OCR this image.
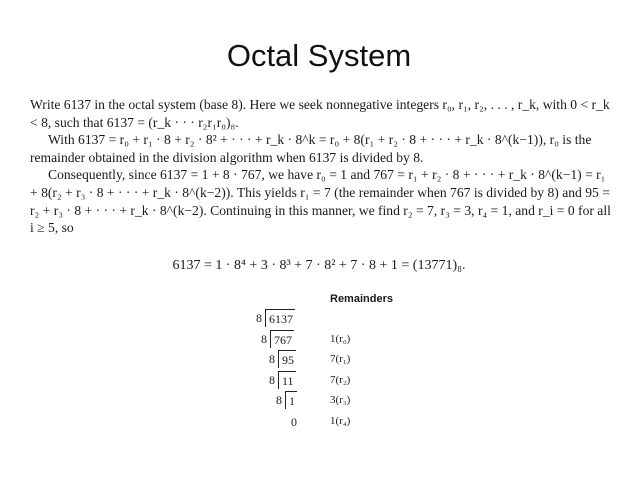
Octal System

Write 6137 in the octal system (base 8). Here we seek nonnegative integers r₀, r₁, r₂, . . . , r_k, with 0 < r_k < 8, such that 6137 = (r_k · · · r₂r₁r₀)₈.

With 6137 = r₀ + r₁ · 8 + r₂ · 8² + · · · + r_k · 8^k = r₀ + 8(r₁ + r₂ · 8 + · · · + r_k · 8^(k−1)), r₀ is the remainder obtained in the division algorithm when 6137 is divided by 8.

Consequently, since 6137 = 1 + 8 · 767, we have r₀ = 1 and 767 = r₁ + r₂ · 8 + · · · + r_k · 8^(k−1) = r₁ + 8(r₂ + r₃ · 8 + · · · + r_k · 8^(k−2)). This yields r₁ = 7 (the remainder when 767 is divided by 8) and 95 = r₂ + r₃ · 8 + · · · + r_k · 8^(k−2). Continuing in this manner, we find r₂ = 7, r₃ = 3, r₄ = 1, and r_i = 0 for all i ≥ 5, so

6137 = 1 · 8⁴ + 3 · 8³ + 7 · 8² + 7 · 8 + 1 = (13771)₈.
Remainders
8 6137
8 767	1(r₀)
8 95	7(r₁)
8 11	7(r₂)
8 1	3(r₃)
0	1(r₄)
